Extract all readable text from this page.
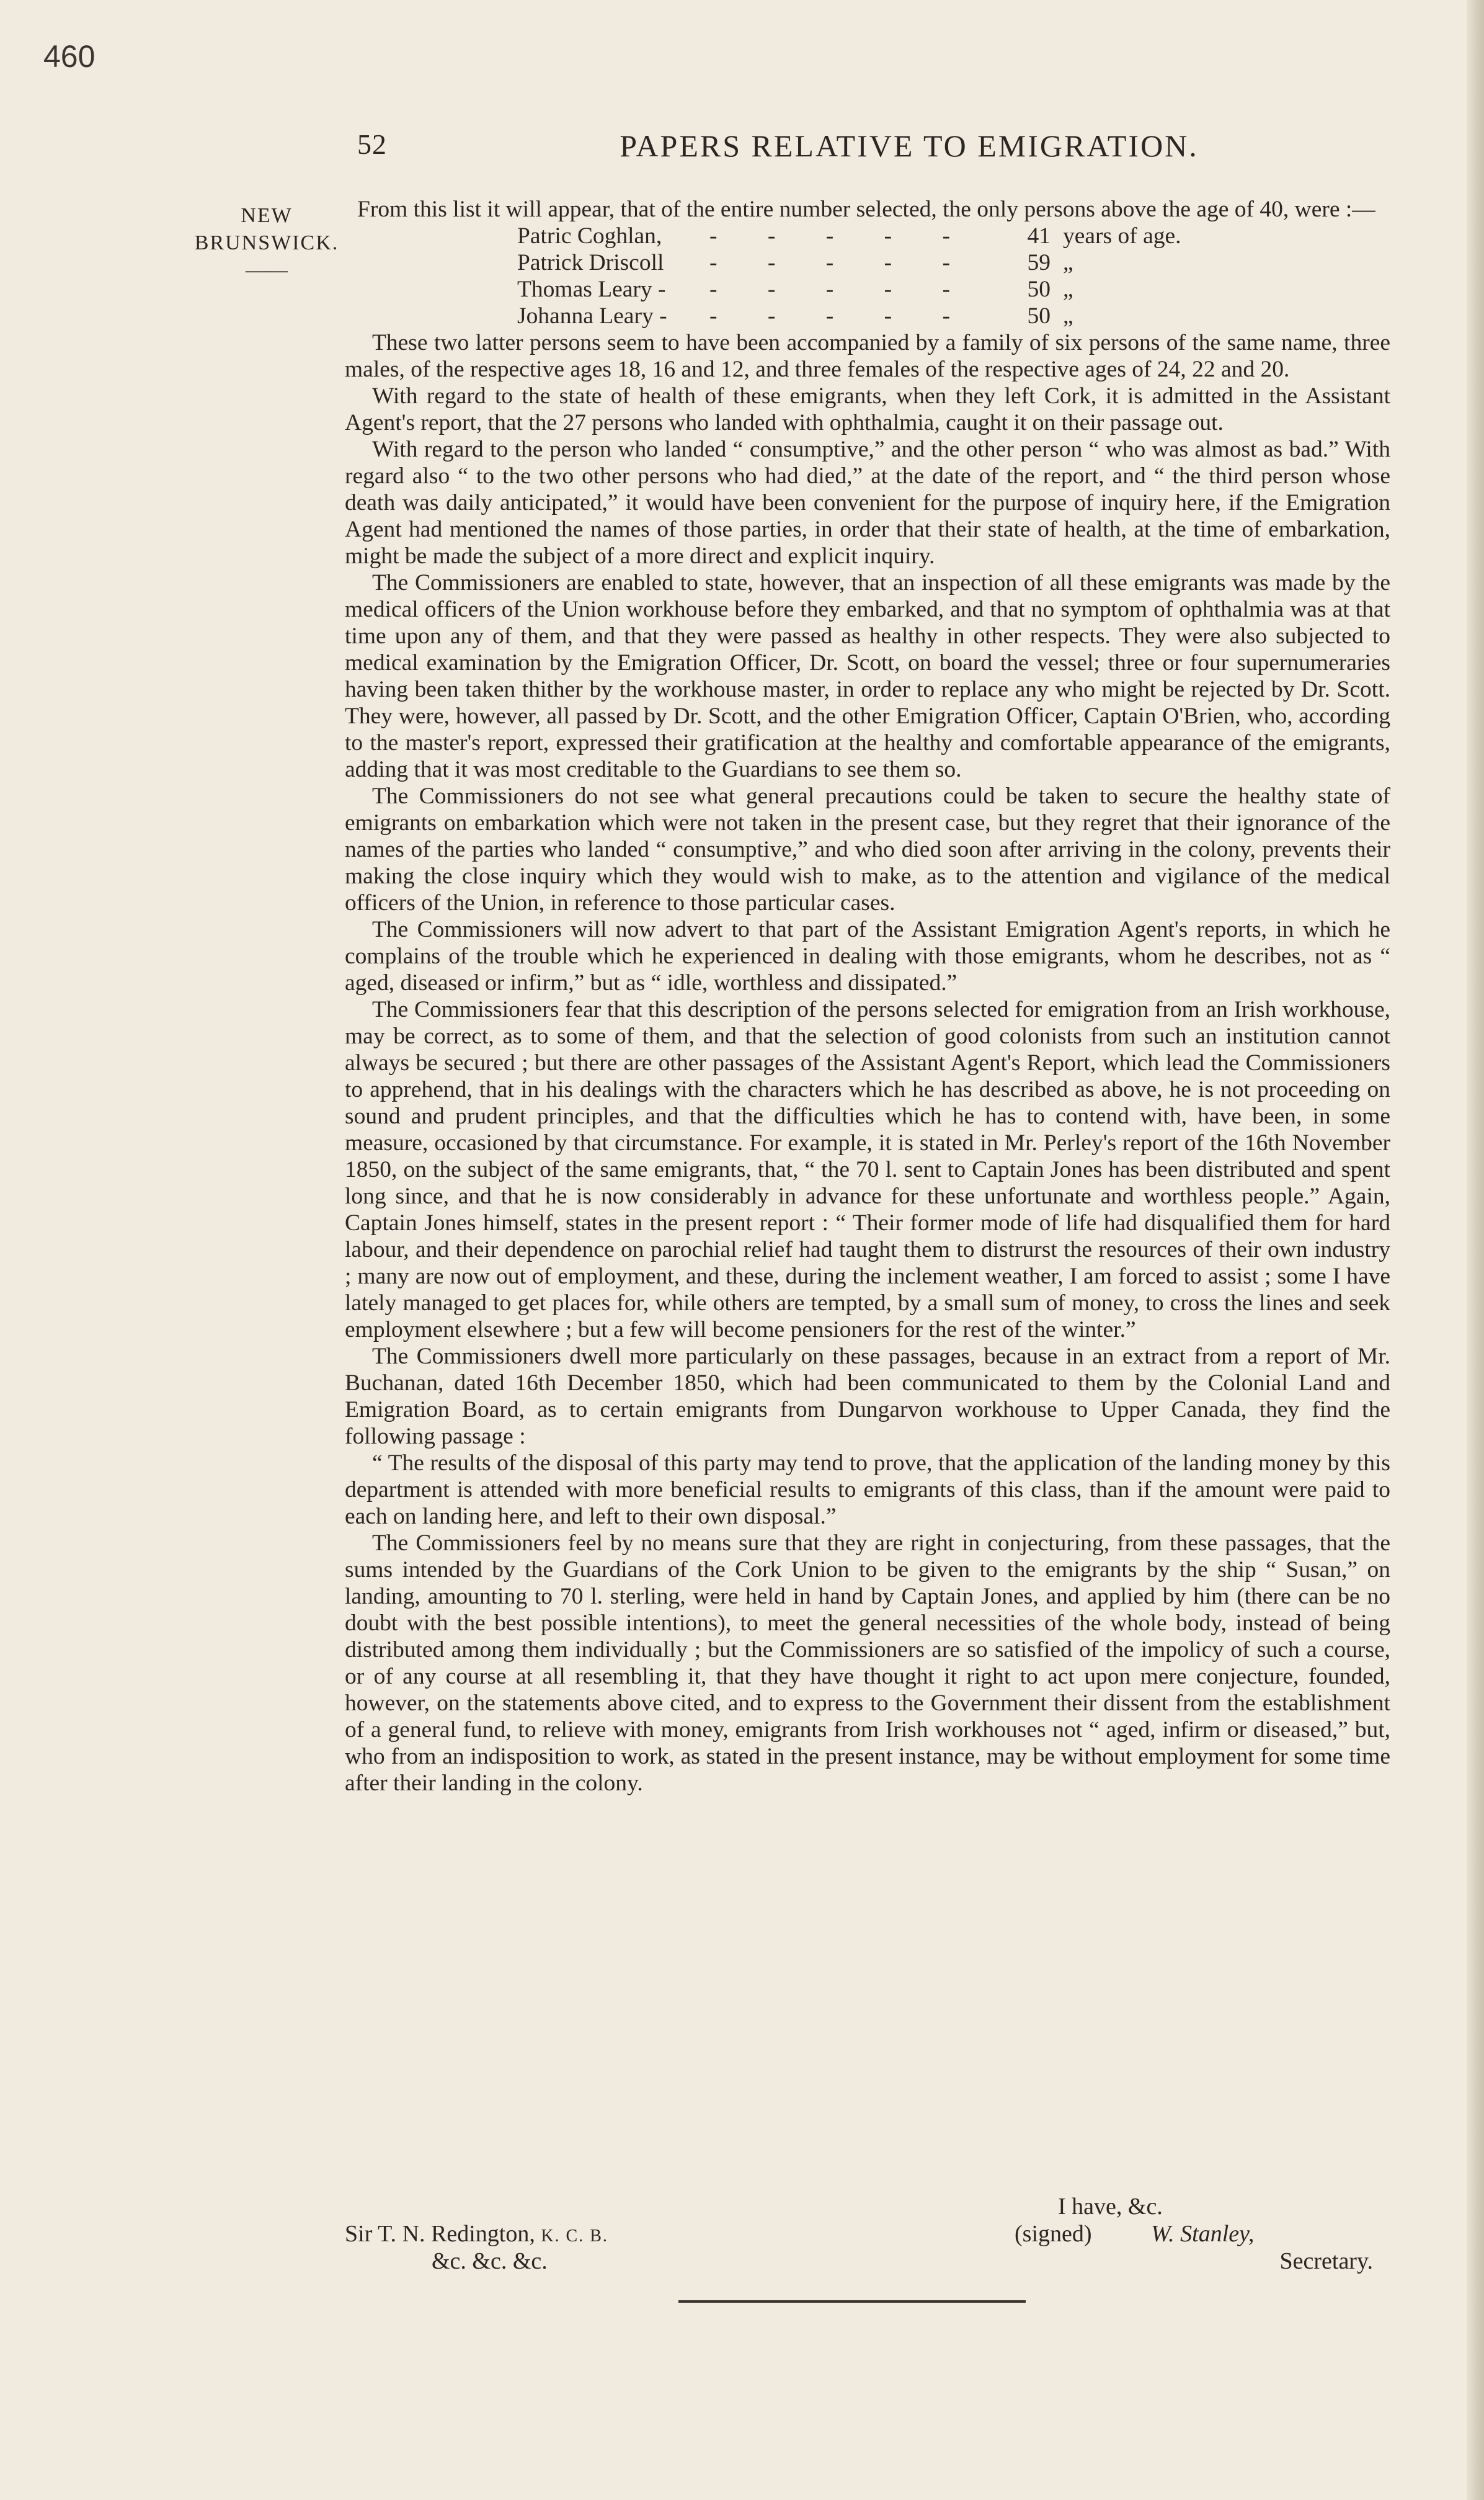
460
52	PAPERS RELATIVE TO EMIGRATION.
NEW
BRUNSWICK.
——

From this list it will appear, that of the entire number selected, the only persons above the age of 40, were :—

Patric Coghlan,	- - - - -	41	years of age.
Patrick Driscoll	- - - - -	59	„
Thomas Leary -	- - - - -	50	„
Johanna Leary -	- - - - -	50	„

These two latter persons seem to have been accompanied by a family of six persons of the same name, three males, of the respective ages 18, 16 and 12, and three females of the respective ages of 24, 22 and 20.

With regard to the state of health of these emigrants, when they left Cork, it is admitted in the Assistant Agent's report, that the 27 persons who landed with ophthalmia, caught it on their passage out.

With regard to the person who landed “ consumptive,” and the other person “ who was almost as bad.” With regard also “ to the two other persons who had died,” at the date of the report, and “ the third person whose death was daily anticipated,” it would have been convenient for the purpose of inquiry here, if the Emigration Agent had mentioned the names of those parties, in order that their state of health, at the time of embarkation, might be made the subject of a more direct and explicit inquiry.

The Commissioners are enabled to state, however, that an inspection of all these emigrants was made by the medical officers of the Union workhouse before they embarked, and that no symptom of ophthalmia was at that time upon any of them, and that they were passed as healthy in other respects. They were also subjected to medical examination by the Emigration Officer, Dr. Scott, on board the vessel; three or four supernumeraries having been taken thither by the workhouse master, in order to replace any who might be rejected by Dr. Scott. They were, however, all passed by Dr. Scott, and the other Emigration Officer, Captain O'Brien, who, according to the master's report, expressed their gratification at the healthy and comfortable appearance of the emigrants, adding that it was most creditable to the Guardians to see them so.

The Commissioners do not see what general precautions could be taken to secure the healthy state of emigrants on embarkation which were not taken in the present case, but they regret that their ignorance of the names of the parties who landed “ consumptive,” and who died soon after arriving in the colony, prevents their making the close inquiry which they would wish to make, as to the attention and vigilance of the medical officers of the Union, in reference to those particular cases.

The Commissioners will now advert to that part of the Assistant Emigration Agent's reports, in which he complains of the trouble which he experienced in dealing with those emigrants, whom he describes, not as “ aged, diseased or infirm,” but as “ idle, worthless and dissipated.”

The Commissioners fear that this description of the persons selected for emigration from an Irish workhouse, may be correct, as to some of them, and that the selection of good colonists from such an institution cannot always be secured ; but there are other passages of the Assistant Agent's Report, which lead the Commissioners to apprehend, that in his dealings with the characters which he has described as above, he is not proceeding on sound and prudent principles, and that the difficulties which he has to contend with, have been, in some measure, occasioned by that circumstance. For example, it is stated in Mr. Perley's report of the 16th November 1850, on the subject of the same emigrants, that, “ the 70 l. sent to Captain Jones has been distributed and spent long since, and that he is now considerably in advance for these unfortunate and worthless people.” Again, Captain Jones himself, states in the present report : “ Their former mode of life had disqualified them for hard labour, and their dependence on parochial relief had taught them to distrurst the resources of their own industry ; many are now out of employment, and these, during the inclement weather, I am forced to assist ; some I have lately managed to get places for, while others are tempted, by a small sum of money, to cross the lines and seek employment elsewhere ; but a few will become pensioners for the rest of the winter.”

The Commissioners dwell more particularly on these passages, because in an extract from a report of Mr. Buchanan, dated 16th December 1850, which had been communicated to them by the Colonial Land and Emigration Board, as to certain emigrants from Dungarvon workhouse to Upper Canada, they find the following passage :

“ The results of the disposal of this party may tend to prove, that the application of the landing money by this department is attended with more beneficial results to emigrants of this class, than if the amount were paid to each on landing here, and left to their own disposal.”

The Commissioners feel by no means sure that they are right in conjecturing, from these passages, that the sums intended by the Guardians of the Cork Union to be given to the emigrants by the ship “ Susan,” on landing, amounting to 70 l. sterling, were held in hand by Captain Jones, and applied by him (there can be no doubt with the best possible intentions), to meet the general necessities of the whole body, instead of being distributed among them individually ; but the Commissioners are so satisfied of the impolicy of such a course, or of any course at all resembling it, that they have thought it right to act upon mere conjecture, founded, however, on the statements above cited, and to express to the Government their dissent from the establishment of a general fund, to relieve with money, emigrants from Irish workhouses not “ aged, infirm or diseased,” but, who from an indisposition to work, as stated in the present instance, may be without employment for some time after their landing in the colony.

I have, &c.
Sir T. N. Redington, K. C. B.
&c. &c. &c.
(signed)	W. Stanley,
Secretary.
